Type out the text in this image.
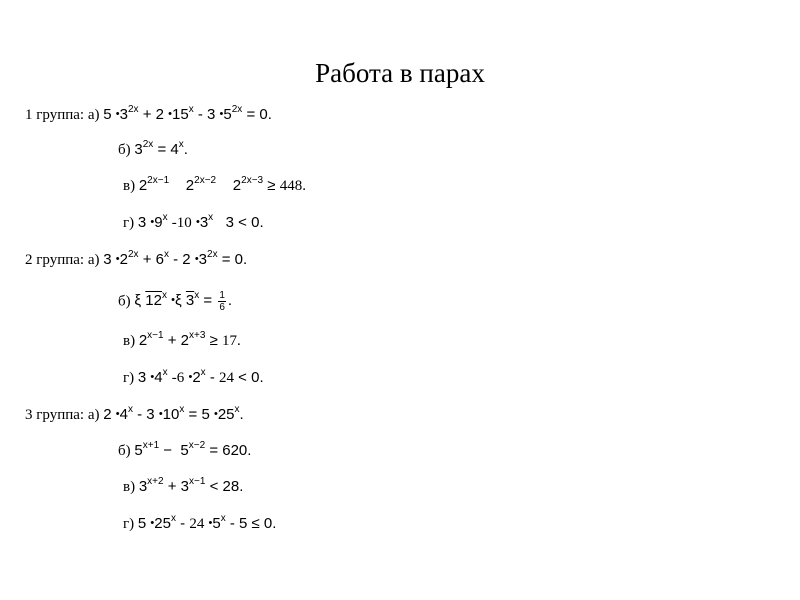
Работа в парах
1 группа: а) 5 $•3^{2x} + 2$ •15$^x$ - 3 $•5^{2x} = 0$.
б) $3^{2x} = 4^x$.
в) $2^{2x-1}$    $2^{2x-2}$    $2^{2x-3} \ge 448$.
г) 3 •9$^x$ -10 •3$^x$   3 < 0.
2 группа: а) 3 $•2^{2x} + 6^x - 2$ $•3^{2x} = 0$.
б) ξ 12$^x$ •ξ $3^x = \frac{1}{6}$ .
в) $2^{x-1} + 2^{x+3} \ge 17$.
г) 3 •4$^x$ -6 •2$^x$ - 24 < 0.
3 группа: а) 2 •4$^x$ - 3 $•10^x = 5$ •25$^x$.
б) $5^{x+1} - 5^{x-2} = 620$.
в) $3^{x+2} + 3^{x-1} < 28$.
г) 5 •25$^x$ - 24 •5$^x$ - 5 ≤ 0.
